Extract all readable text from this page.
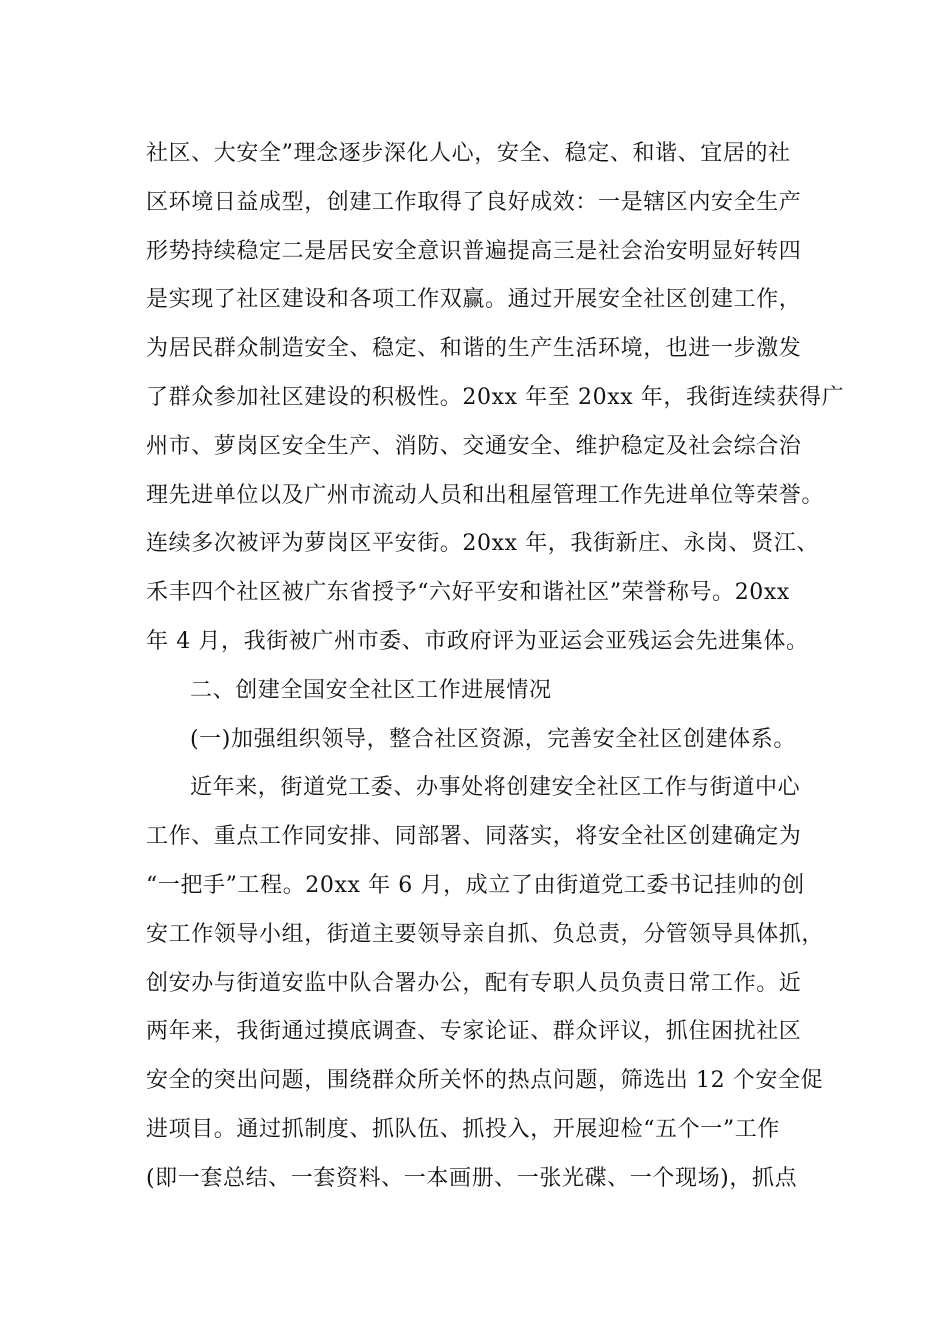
社区、大安全”理念逐步深化人心，安全、稳定、和谐、宜居的社
区环境日益成型，创建工作取得了良好成效：一是辖区内安全生产
形势持续稳定二是居民安全意识普遍提高三是社会治安明显好转四
是实现了社区建设和各项工作双赢。通过开展安全社区创建工作，
为居民群众制造安全、稳定、和谐的生产生活环境，也进一步激发
了群众参加社区建设的积极性。20xx 年至 20xx 年，我街连续获得广
州市、萝岗区安全生产、消防、交通安全、维护稳定及社会综合治
理先进单位以及广州市流动人员和出租屋管理工作先进单位等荣誉。
连续多次被评为萝岗区平安街。20xx 年，我街新庄、永岗、贤江、
禾丰四个社区被广东省授予“六好平安和谐社区”荣誉称号。20xx
年 4 月，我街被广州市委、市政府评为亚运会亚残运会先进集体。
二、创建全国安全社区工作进展情况
(一)加强组织领导，整合社区资源，完善安全社区创建体系。
近年来，街道党工委、办事处将创建安全社区工作与街道中心
工作、重点工作同安排、同部署、同落实，将安全社区创建确定为
“一把手”工程。20xx 年 6 月，成立了由街道党工委书记挂帅的创
安工作领导小组，街道主要领导亲自抓、负总责，分管领导具体抓，
创安办与街道安监中队合署办公，配有专职人员负责日常工作。近
两年来，我街通过摸底调查、专家论证、群众评议，抓住困扰社区
安全的突出问题，围绕群众所关怀的热点问题，筛选出 12 个安全促
进项目。通过抓制度、抓队伍、抓投入，开展迎检“五个一”工作
(即一套总结、一套资料、一本画册、一张光碟、一个现场)，抓点
